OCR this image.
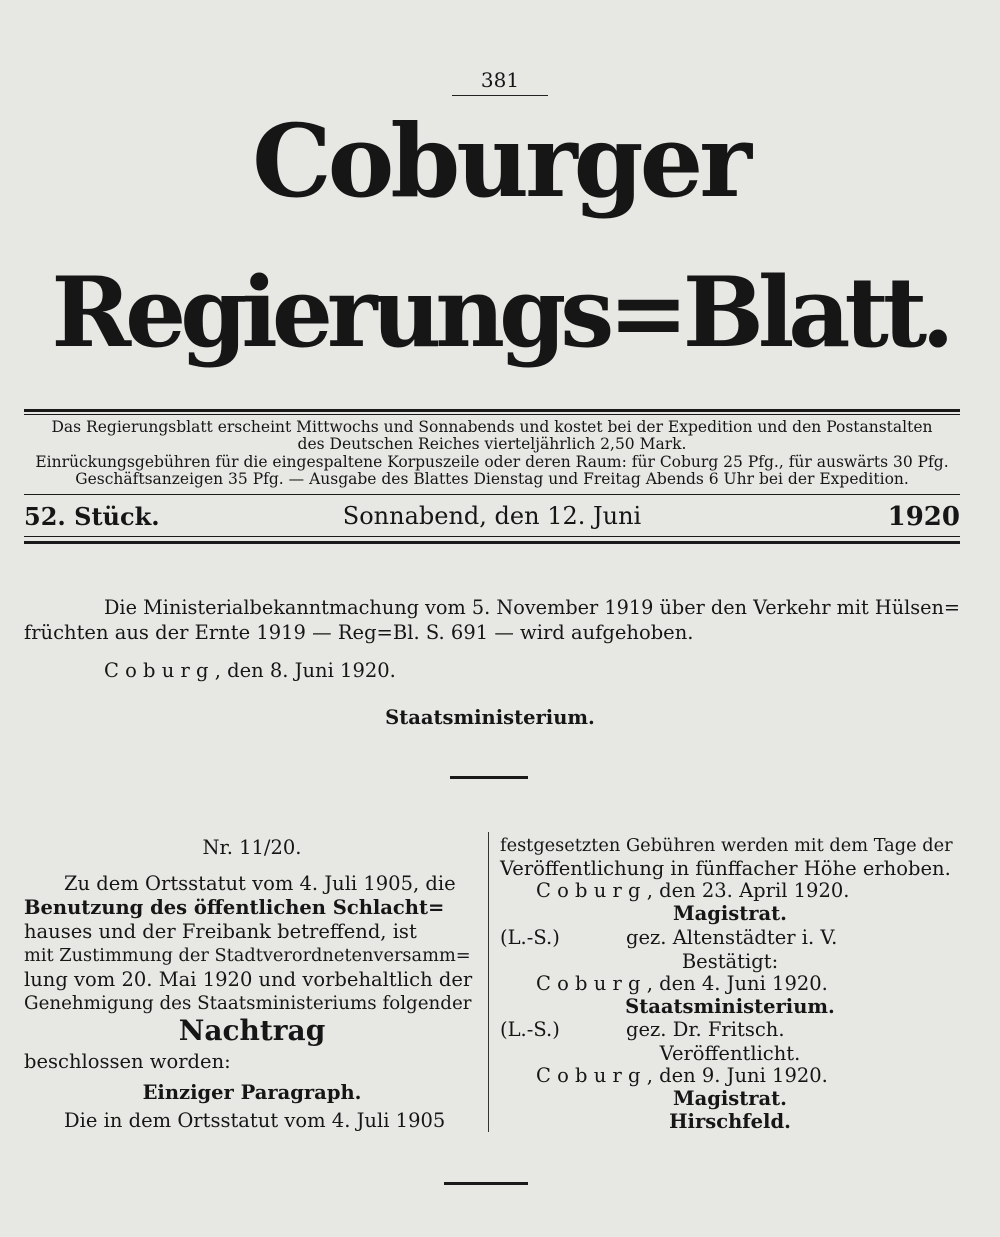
381
Coburger
Regierungs=Blatt.
Das Regierungsblatt erscheint Mittwochs und Sonnabends und kostet bei der Expedition und den Postanstalten
des Deutschen Reiches vierteljährlich 2,50 Mark.
Einrückungsgebühren für die eingespaltene Korpuszeile oder deren Raum: für Coburg 25 Pfg., für auswärts 30 Pfg.
Geschäftsanzeigen 35 Pfg. — Ausgabe des Blattes Dienstag und Freitag Abends 6 Uhr bei der Expedition.
52. Stück.	Sonnabend, den 12. Juni	1920
Die Ministerialbekanntmachung vom 5. November 1919 über den Verkehr mit Hülsen=
früchten aus der Ernte 1919 — Reg=Bl. S. 691 — wird aufgehoben.
C o b u r g , den 8. Juni 1920.
Staatsministerium.
Nr. 11/20.
Zu dem Ortsstatut vom 4. Juli 1905, die
Benutzung des öffentlichen Schlacht=
hauses und der Freibank betreffend, ist
mit Zustimmung der Stadtverordnetenversamm=
lung vom 20. Mai 1920 und vorbehaltlich der
Genehmigung des Staatsministeriums folgender
Nachtrag
beschlossen worden:
Einziger Paragraph.
Die in dem Ortsstatut vom 4. Juli 1905
festgesetzten Gebühren werden mit dem Tage der
Veröffentlichung in fünffacher Höhe erhoben.
C o b u r g , den 23. April 1920.
Magistrat.
(L.-S.)	gez. Altenstädter i. V.
Bestätigt:
C o b u r g , den 4. Juni 1920.
Staatsministerium.
(L.-S.)	gez. Dr. Fritsch.
Veröffentlicht.
C o b u r g , den 9. Juni 1920.
Magistrat.
Hirschfeld.
